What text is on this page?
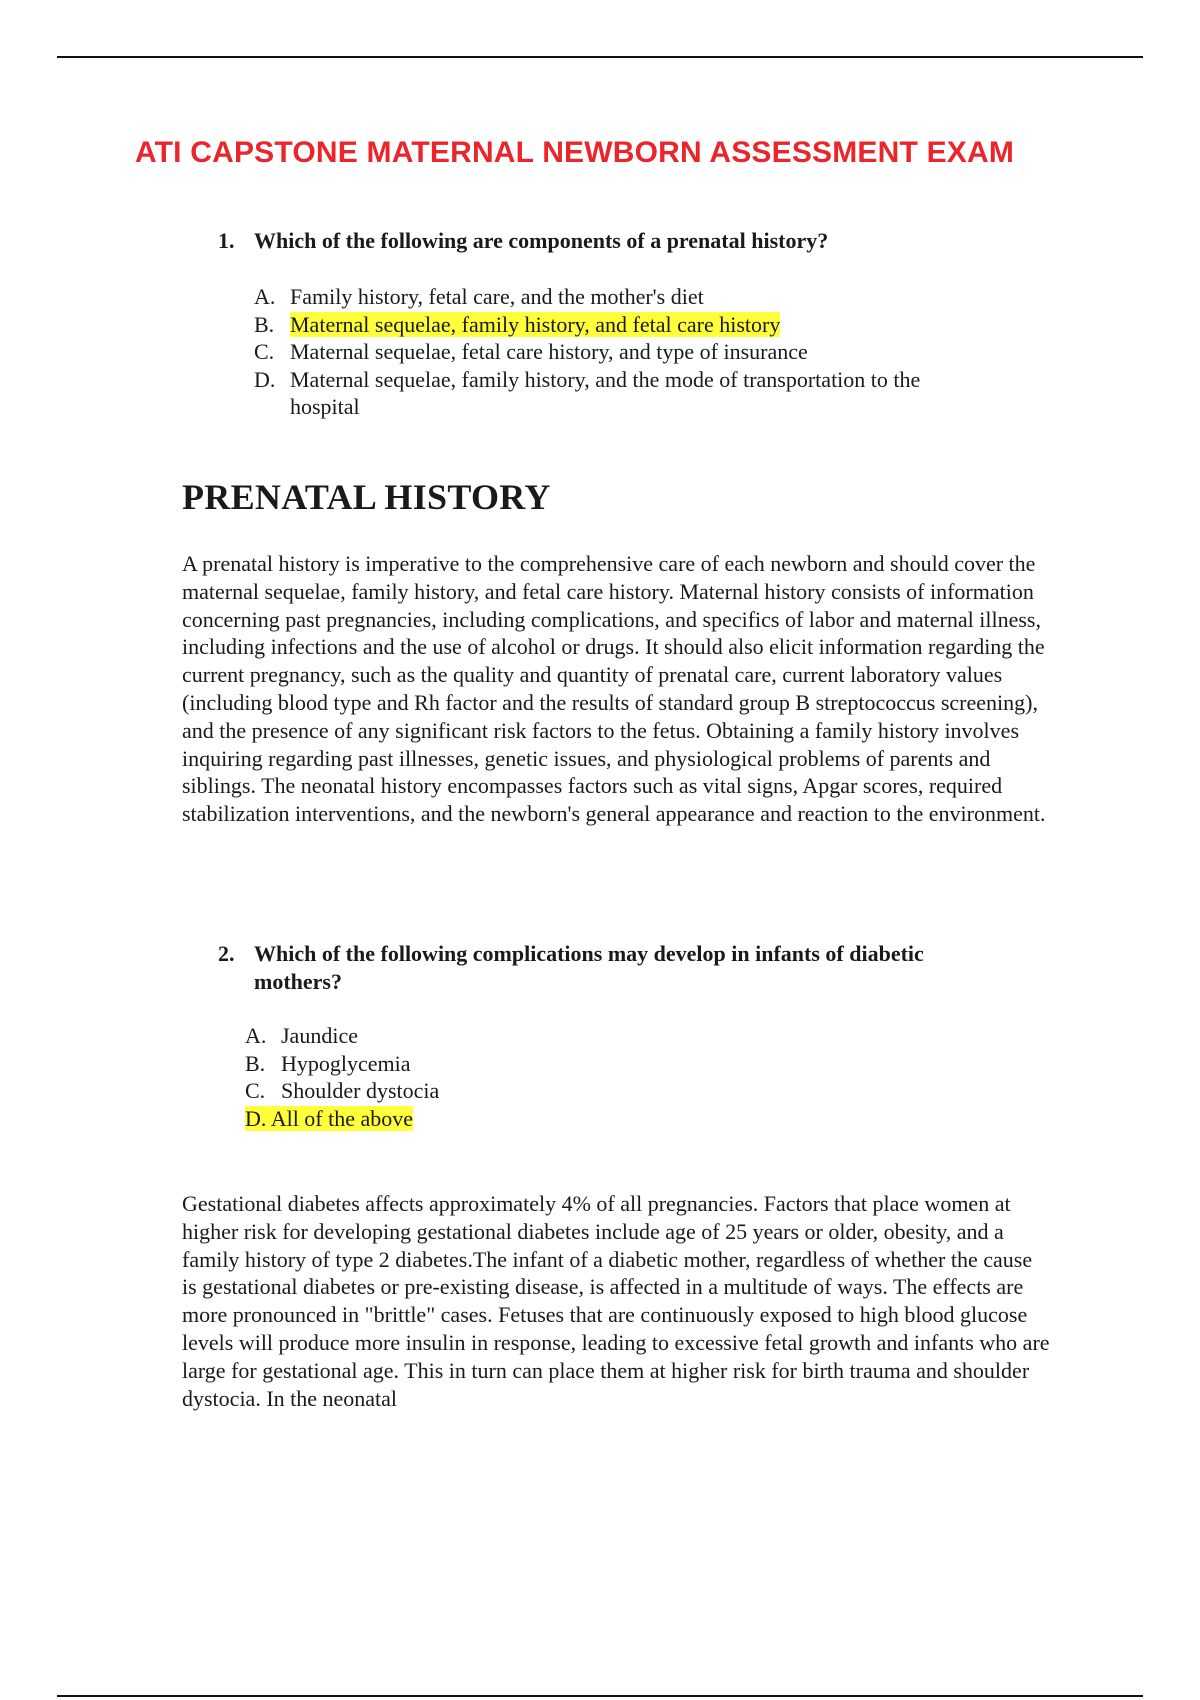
ATI CAPSTONE MATERNAL NEWBORN ASSESSMENT EXAM
1. Which of the following are components of a prenatal history?
A. Family history, fetal care, and the mother's diet
B. Maternal sequelae, family history, and fetal care history
C. Maternal sequelae, fetal care history, and type of insurance
D. Maternal sequelae, family history, and the mode of transportation to the hospital
PRENATAL HISTORY

A prenatal history is imperative to the comprehensive care of each newborn and should cover the maternal sequelae, family history, and fetal care history. Maternal history consists of information concerning past pregnancies, including complications, and specifics of labor and maternal illness, including infections and the use of alcohol or drugs. It should also elicit information regarding the current pregnancy, such as the quality and quantity of prenatal care, current laboratory values (including blood type and Rh factor and the results of standard group B streptococcus screening), and the presence of any significant risk factors to the fetus. Obtaining a family history involves inquiring regarding past illnesses, genetic issues, and physiological problems of parents and siblings. The neonatal history encompasses factors such as vital signs, Apgar scores, required stabilization interventions, and the newborn's general appearance and reaction to the environment.

2. Which of the following complications may develop in infants of diabetic mothers?
A. Jaundice
B. Hypoglycemia
C. Shoulder dystocia
D. All of the above

Gestational diabetes affects approximately 4% of all pregnancies. Factors that place women at higher risk for developing gestational diabetes include age of 25 years or older, obesity, and a family history of type 2 diabetes.The infant of a diabetic mother, regardless of whether the cause is gestational diabetes or pre-existing disease, is affected in a multitude of ways. The effects are more pronounced in "brittle" cases. Fetuses that are continuously exposed to high blood glucose levels will produce more insulin in response, leading to excessive fetal growth and infants who are large for gestational age. This in turn can place them at higher risk for birth trauma and shoulder dystocia. In the neonatal
